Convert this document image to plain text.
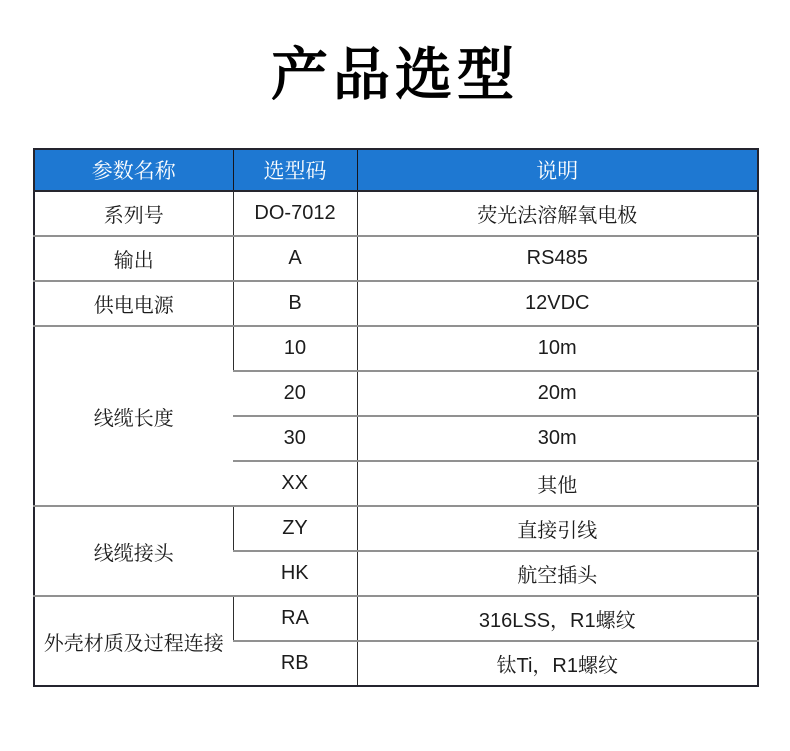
产品选型
参数名称	选型码	说明
系列号	DO-7012	荧光法溶解氧电极
输出	A	RS485
供电电源	B	12VDC
线缆长度	10	10m
	20	20m
	30	30m
	XX	其他
线缆接头	ZY	直接引线
	HK	航空插头
外壳材质及过程连接	RA	316LSS，R1螺纹
	RB	钛Ti，R1螺纹
